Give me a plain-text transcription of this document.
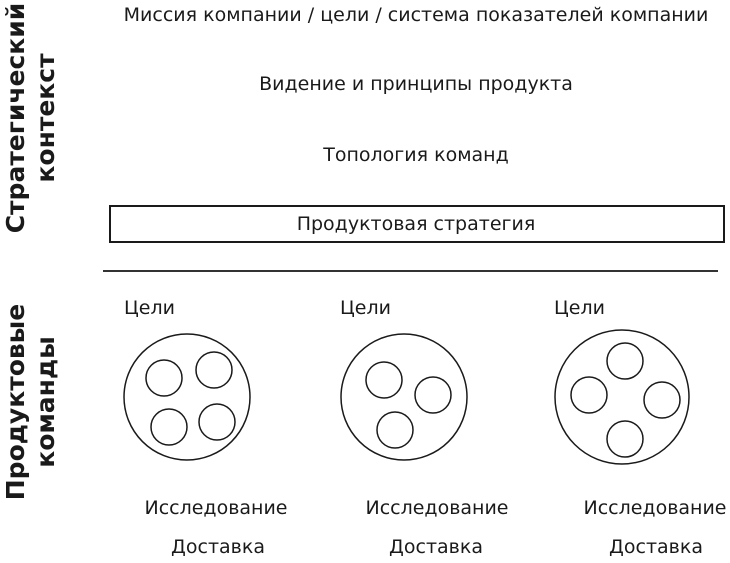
Стратегический контекст
Продуктовые команды
Миссия компании / цели / система показателей компании
Видение и принципы продукта
Топология команд
Продуктовая стратегия
Цели
Исследование
Доставка
Цели
Исследование
Доставка
Цели
Исследование
Доставка
